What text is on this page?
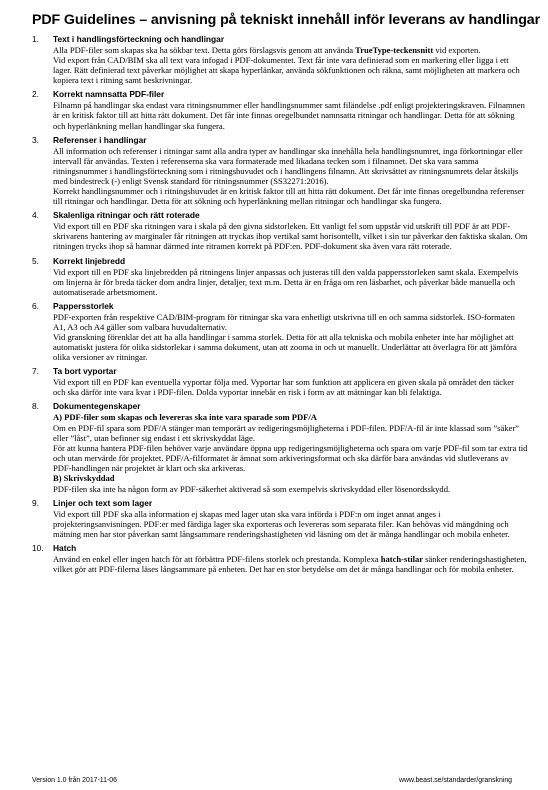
PDF Guidelines – anvisning på tekniskt innehåll inför leverans av handlingar
1. Text i handlingsförteckning och handlingar

Alla PDF-filer som skapas ska ha sökbar text. Detta görs förslagsvis genom att använda TrueType-teckensnitt vid exporten.

Vid export från CAD/BIM ska all text vara infogad i PDF-dokumentet. Text får inte vara definierad som en markering eller ligga i ett lager. Rätt definierad text påverkar möjlighet att skapa hyperlänkar, använda sökfunktionen och räkna, samt möjligheten att markera och kopiera text i ritning samt beskrivningar.

2. Korrekt namnsatta PDF-filer

Filnamn på handlingar ska endast vara ritningsnummer eller handlingsnummer samt filändelse .pdf enligt projekteringskraven. Filnamnen är en kritisk faktor till att hitta rätt dokument. Det får inte finnas oregelbundet namnsatta ritningar och handlingar. Detta för att sökning och hyperlänkning mellan handlingar ska fungera.

3. Referenser i handlingar

All information och referenser i ritningar samt alla andra typer av handlingar ska innehålla hela handlingsnumret, inga förkortningar eller intervall får användas. Texten i referenserna ska vara formaterade med likadana tecken som i filnamnet. Det ska vara samma ritningsnummer i handlingsförteckning som i ritningshuvudet och i handlingens filnamn. Att skrivsättet av ritningsnumrets delar åtskiljs med bindestreck (-) enligt Svensk standard för ritningsnummer (SS32271:2016).

Korrekt handlingsnummer och i ritningshuvudet är en kritisk faktor till att hitta rätt dokument. Det får inte finnas oregelbundna referenser till ritningar och handlingar. Detta för att sökning och hyperlänkning mellan ritningar och handlingar ska fungera.

4. Skalenliga ritningar och rätt roterade

Vid export till en PDF ska ritningen vara i skala på den givna sidstorleken. Ett vanligt fel som uppstår vid utskrift till PDF är att PDF-skrivarens hantering av marginaler får ritningen att tryckas ihop vertikal samt horisontellt, vilket i sin tur påverkar den faktiska skalan. Om ritningen trycks ihop så hamnar därmed inte ritramen korrekt på PDF:en. PDF-dokument ska även vara rätt roterade.

5. Korrekt linjebredd

Vid export till en PDF ska linjebredden på ritningens linjer anpassas och justeras till den valda pappersstorleken samt skala. Exempelvis om linjerna är för breda täcker dom andra linjer, detaljer, text m.m. Detta är en fråga om ren läsbarhet, och påverkar både manuella och automatiserade arbetsmoment.

6. Pappersstorlek

PDF-exporten från respektive CAD/BIM-program för ritningar ska vara enhetligt utskrivna till en och samma sidstorlek. ISO-formaten A1, A3 och A4 gäller som valbara huvudalternativ.

Vid granskning förenklar det att ha alla handlingar i samma storlek. Detta för att alla tekniska och mobila enheter inte har möjlighet att automatiskt justera för olika sidstorlekar i samma dokument, utan att zooma in och ut manuellt. Underlättar att överlagra för att jämföra olika versioner av ritningar.

7. Ta bort vyportar

Vid export till en PDF kan eventuella vyportar följa med. Vyportar har som funktion att applicera en given skala på området den täcker och ska därför inte vara kvar i PDF-filen. Dolda vyportar innebär en risk i form av att mätningar kan bli felaktiga.

8. Dokumentegenskaper

A) PDF-filer som skapas och levereras ska inte vara sparade som PDF/A

Om en PDF-fil spara som PDF/A stänger man temporärt av redigeringsmöjligheterna i PDF-filen. PDF/A-fil är inte klassad som ”säker” eller ”låst”, utan befinner sig endast i ett skrivskyddat läge.

För att kunna hantera PDF-filen behöver varje användare öppna upp redigeringsmöjligheterna och spara om varje PDF-fil som tar extra tid och utan mervärde för projektet. PDF/A-filformatet är ämnat som arkiveringsformat och ska därför bara användas vid slutleverans av PDF-handlingen när projektet är klart och ska arkiveras.

B) Skrivskyddad

PDF-filen ska inte ha någon form av PDF-säkerhet aktiverad så som exempelvis skrivskyddad eller lösenordsskydd.

9. Linjer och text som lager

Vid export till PDF ska alla information ej skapas med lager utan ska vara införda i PDF:n om inget annat anges i projekteringsanvisningen. PDF:er med färdiga lager ska exporteras och levereras som separata filer. Kan behövas vid mängdning och mätning men har stor påverkan samt långsammare renderingshastigheten vid läsning om det är många handlingar och mobila enheter.

10. Hatch

Använd en enkel eller ingen hatch för att förbättra PDF-filens storlek och prestanda. Komplexa hatch-stilar sänker renderingshastigheten, vilket gör att PDF-filerna läses långsammare på enheten. Det har en stor betydelse om det är många handlingar och för mobila enheter.

Version 1.0 från 2017-11-06	www.beast.se/standarder/granskning
